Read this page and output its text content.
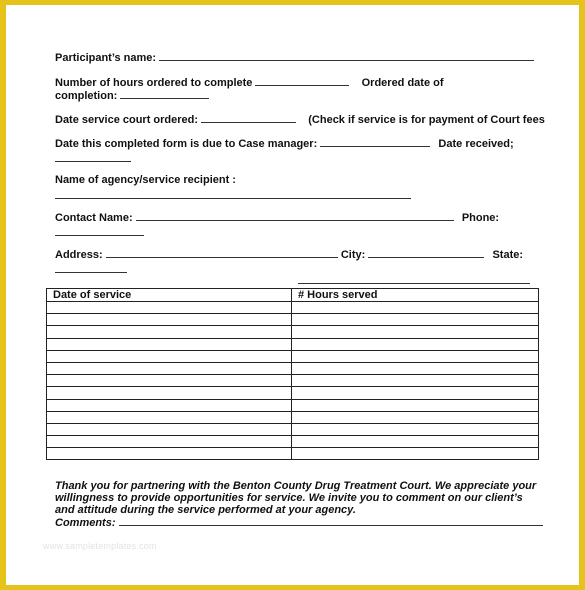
Participant’s name:
Number of hours ordered to complete	Ordered date of
completion:
Date service court ordered:	(Check if service is for payment of Court fees
Date this completed form is due to Case manager:	Date received;
Name of agency/service recipient :
Contact Name:	Phone:
Address:	City:	State:
Date of service	# Hours served

Thank you for partnering with the Benton County Drug Treatment Court. We appreciate your
willingness to provide opportunities for service. We invite you to comment on our client’s
and attitude during the service performed at your agency.
Comments:
www.sampletemplates.com
